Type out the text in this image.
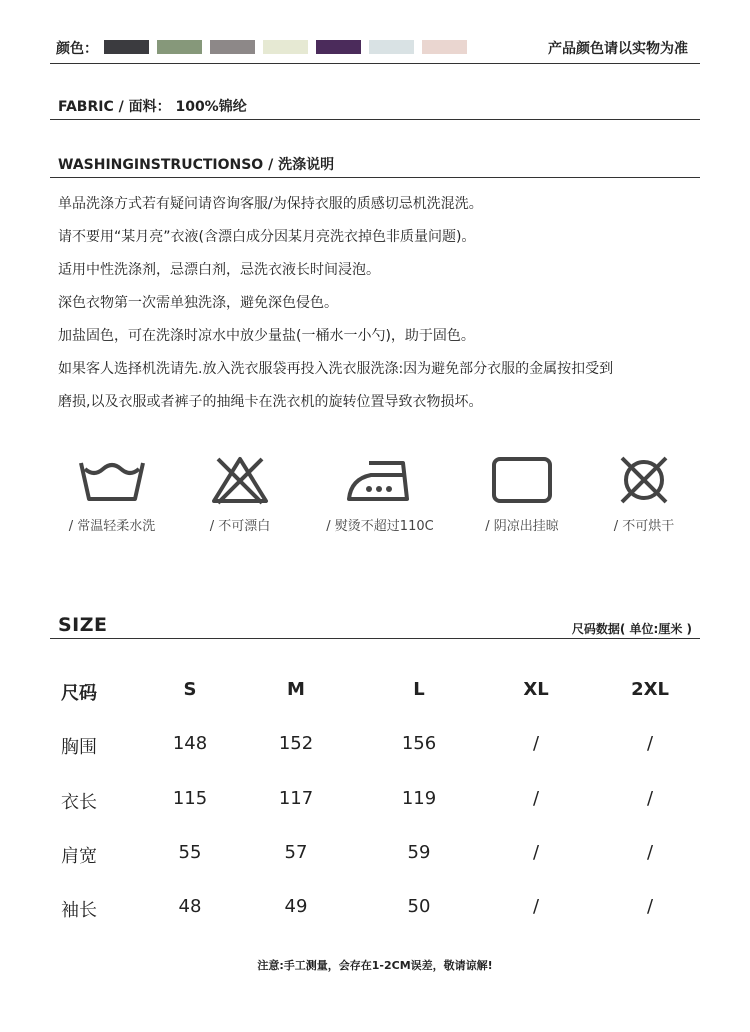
颜色：	产品颜色请以实物为准
FABRIC / 面料： 100%锦纶
WASHINGINSTRUCTIONSO / 洗涤说明
单品洗涤方式若有疑问请咨询客服/为保持衣服的质感切忌机洗混洗。
请不要用“某月亮”衣液(含漂白成分因某月亮洗衣掉色非质量问题)。
适用中性洗涤剂，忌漂白剂，忌洗衣液长时间浸泡。
深色衣物第一次需单独洗涤，避免深色侵色。
加盐固色，可在洗涤时凉水中放少量盐(一桶水一小勺)，助于固色。
如果客人选择机洗请先.放入洗衣服袋再投入洗衣服洗涤:因为避免部分衣服的金属按扣受到
磨损,以及衣服或者裤子的抽绳卡在洗衣机的旋转位置导致衣物损坏。
/ 常温轻柔水洗	/ 不可漂白	/ 熨烫不超过110C	/ 阴凉出挂晾	/ 不可烘干
SIZE	尺码数据( 单位:厘米 )
尺码	S	M	L	XL	2XL
胸围	148	152	156	/	/
衣长	115	117	119	/	/
肩宽	55	57	59	/	/
袖长	48	49	50	/	/
注意:手工测量，会存在1-2CM误差，敬请谅解!
